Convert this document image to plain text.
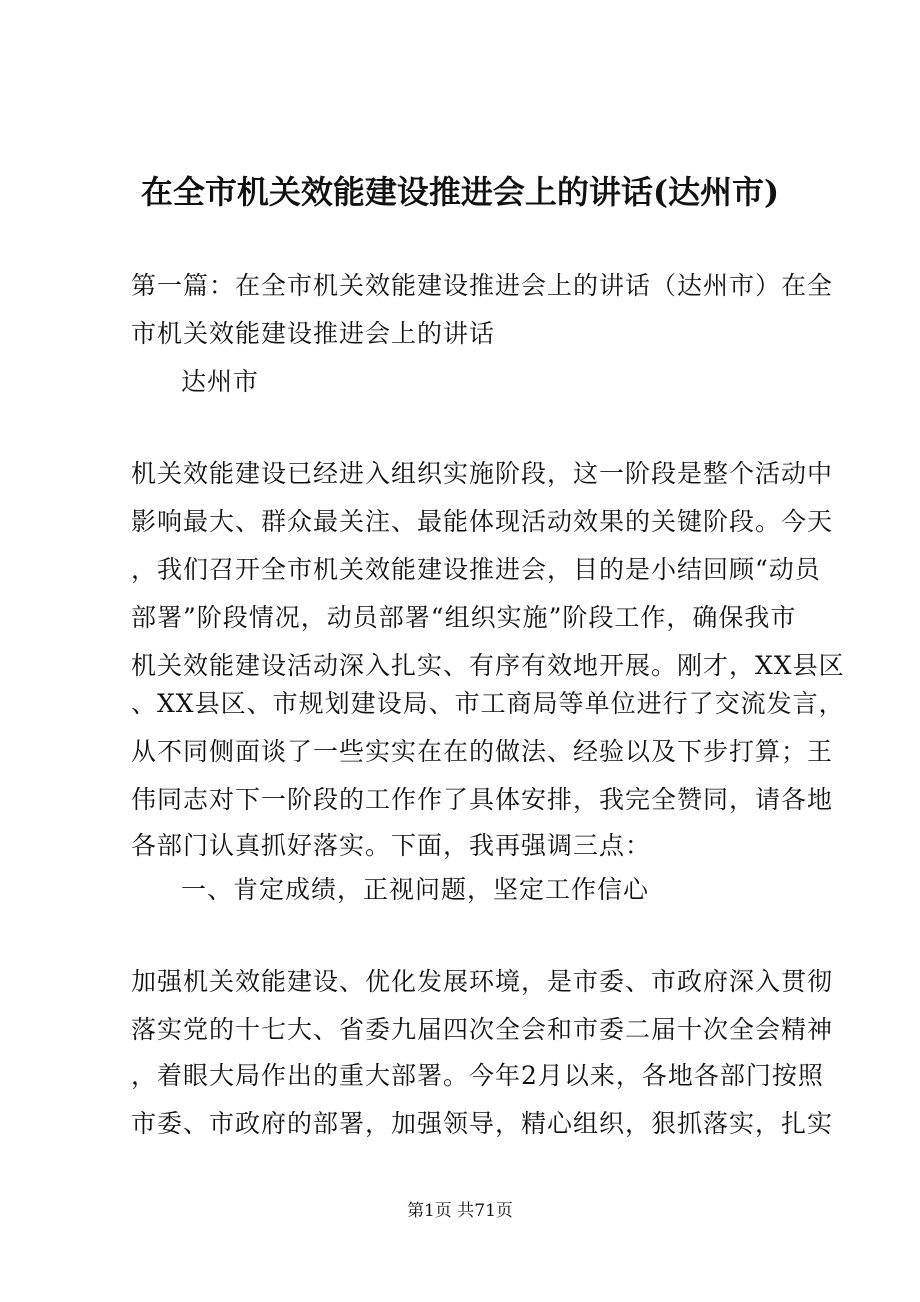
在全市机关效能建设推进会上的讲话(达州市)
第一篇：在全市机关效能建设推进会上的讲话（达州市）在全
市机关效能建设推进会上的讲话
达州市
机关效能建设已经进入组织实施阶段，这一阶段是整个活动中
影响最大、群众最关注、最能体现活动效果的关键阶段。今天
，我们召开全市机关效能建设推进会，目的是小结回顾“动员
部署”阶段情况，动员部署“组织实施”阶段工作，确保我市
机关效能建设活动深入扎实、有序有效地开展。刚才，XX县区
、XX县区、市规划建设局、市工商局等单位进行了交流发言，
从不同侧面谈了一些实实在在的做法、经验以及下步打算；王
伟同志对下一阶段的工作作了具体安排，我完全赞同，请各地
各部门认真抓好落实。下面，我再强调三点：
一、肯定成绩，正视问题，坚定工作信心
加强机关效能建设、优化发展环境，是市委、市政府深入贯彻
落实党的十七大、省委九届四次全会和市委二届十次全会精神
，着眼大局作出的重大部署。今年2月以来，各地各部门按照
市委、市政府的部署，加强领导，精心组织，狠抓落实，扎实
第1页 共71页
